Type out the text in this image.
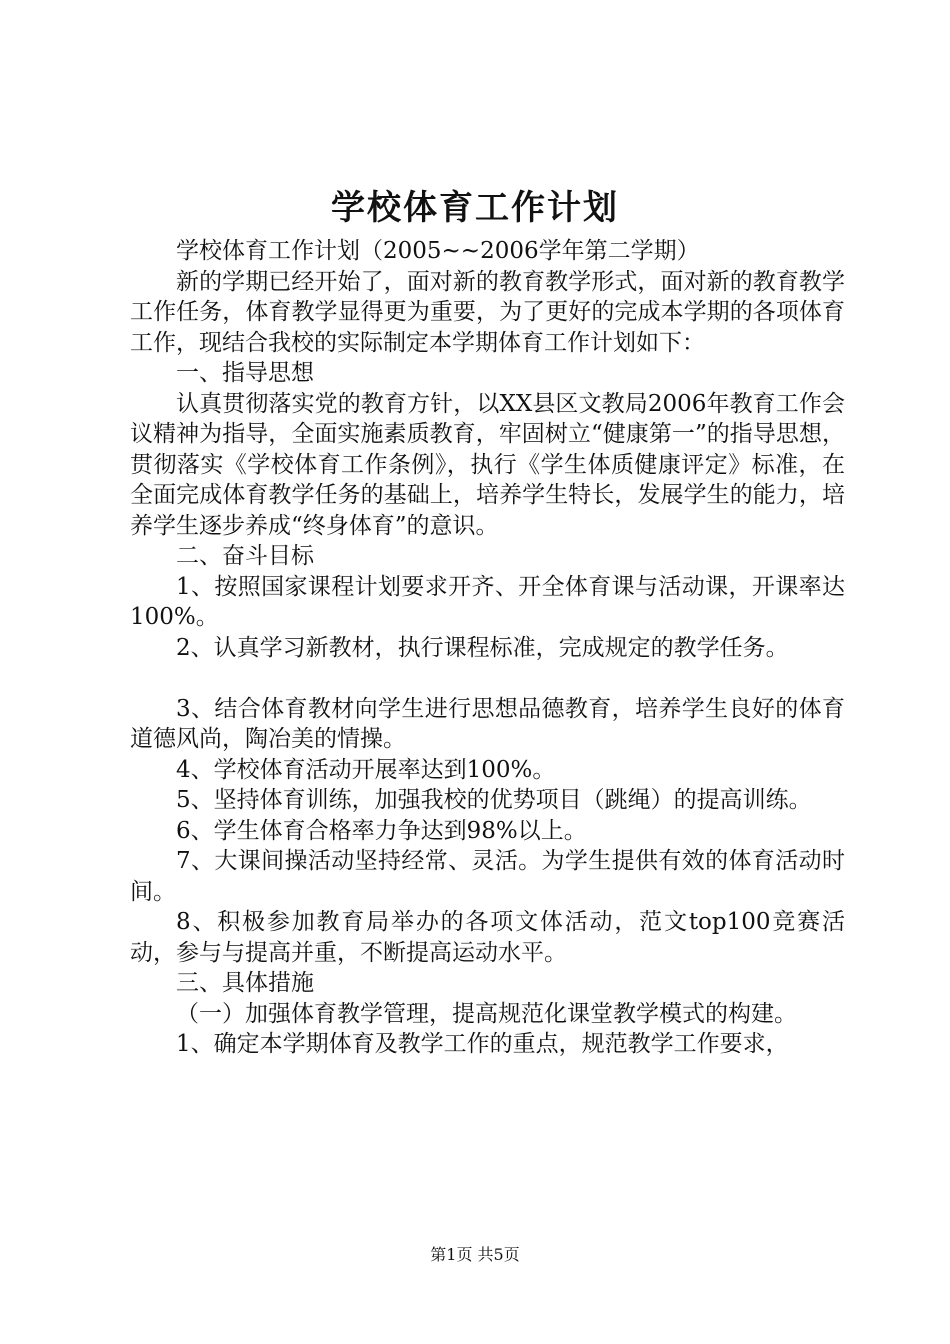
学校体育工作计划

学校体育工作计划（2005~~2006学年第二学期）

新的学期已经开始了，面对新的教育教学形式，面对新的教育教学工作任务，体育教学显得更为重要，为了更好的完成本学期的各项体育工作，现结合我校的实际制定本学期体育工作计划如下：

一、指导思想

认真贯彻落实党的教育方针，以XX县区文教局2006年教育工作会议精神为指导，全面实施素质教育，牢固树立“健康第一”的指导思想，贯彻落实《学校体育工作条例》，执行《学生体质健康评定》标准，在全面完成体育教学任务的基础上，培养学生特长，发展学生的能力，培养学生逐步养成“终身体育”的意识。

二、奋斗目标

1、按照国家课程计划要求开齐、开全体育课与活动课，开课率达100%。

2、认真学习新教材，执行课程标准，完成规定的教学任务。

3、结合体育教材向学生进行思想品德教育，培养学生良好的体育道德风尚，陶冶美的情操。

4、学校体育活动开展率达到100%。

5、坚持体育训练，加强我校的优势项目（跳绳）的提高训练。

6、学生体育合格率力争达到98%以上。

7、大课间操活动坚持经常、灵活。为学生提供有效的体育活动时间。

8、积极参加教育局举办的各项文体活动，范文top100竞赛活动，参与与提高并重，不断提高运动水平。

三、具体措施

（一）加强体育教学管理，提高规范化课堂教学模式的构建。

1、确定本学期体育及教学工作的重点，规范教学工作要求，

第1页 共5页
